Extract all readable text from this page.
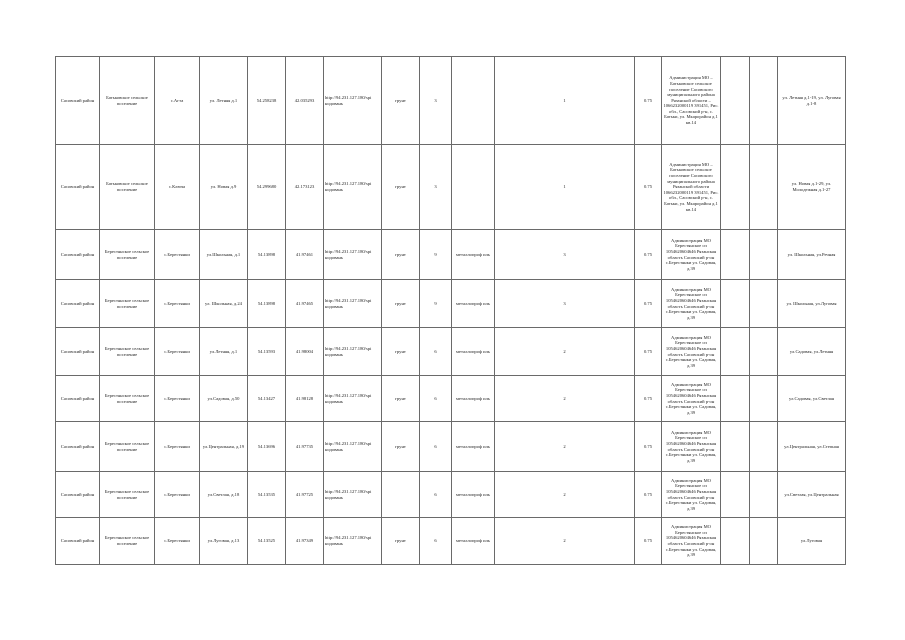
Сасовский район	Батьковское сельское поселение	с.Агта	ул. Летняя д.1	54.258238	42.035293	http://94.231.127.180/spi нодовань	грунт	3		1	0.75	Администрация МО – Батьковское сельское поселение Сасовского муниципального района Рязанской области – 1066232000119 391451, Рис. обл., Сасовский р-н, с. Батьки, ул. Мкарорайон д.1 кв.14			ул. Летняя д.1-19, ул. Луговая д.1-8
Сасовский район	Батьковское сельское поселение	с.Ключа	ул. Новая д.9	54.299680	42.173123	http://94.231.127.180/spi нодовань	грунт	3		1	0.75	Администрация МО – Батьковское сельское поселение Сасовского муниципального района Рязанской области 1066232000119 391451, Рис. обл., Сасовский р-н, с. Батьки, ул. Мкарорайон д.1 кв.14			ул. Новая д.1-29, ул. Молодежная д.1-27
Сасовский район	Берестянское сельское поселение	с.Берестянки	ул.Школьная, д.1	54.13898	41.97461	http://94.231.127.180/spi нодовань	грунт	9	металлопроф иль	3	0.75	Администрация МО Берестянское сп 1054620604646 Рязанская область Сасовский р-он с.Берестянки ул. Садовая, д.39			ул. Школьная, ул.Речная
Сасовский район	Берестянское сельское поселение	с.Берестянки	ул. Школьная, д.24	54.13898	41.97465	http://94.231.127.180/spi нодовань	грунт	9	металлопроф иль	3	0.75	Администрация МО Берестянское сп 1054620604646 Рязанская область Сасовский р-он с.Берестянки ул. Садовая, д.39			ул. Школьная, ул.Луговая
Сасовский район	Берестянское сельское поселение	с.Берестянки	ул.Летняя, д.1	54.13593	41.98004	http://94.231.127.180/spi нодовань	грунт	6	металлопроф иль	2	0.75	Администрация МО Берестянское сп 1054620604646 Рязанская область Сасовский р-он с.Берестянки ул. Садовая, д.39			ул.Садовая, ул.Летняя
Сасовский район	Берестянское сельское поселение	с.Берестянки	ул.Садовая, д.50	54.13427	41.98128	http://94.231.127.180/spi нодовань	грунт	6	металлопроф иль	2	0.75	Администрация МО Берестянское сп 1054620604646 Рязанская область Сасовский р-он с.Берестянки ул. Садовая, д.39			ул.Садовая, ул.Светлая
Сасовский район	Берестянское сельское поселение	с.Берестянки	ул.Центральная, д.19	54.13696	41.97735	http://94.231.127.180/spi нодовань	грунт	6	металлопроф иль	2	0.75	Администрация МО Берестянское сп 1054620604646 Рязанская область Сасовский р-он с.Берестянки ул. Садовая, д.39			ул.Центральная, ул.Степная
Сасовский район	Берестянское сельское поселение	с.Берестянки	ул.Светлая, д.18	54.13535	41.97725	http://94.231.127.180/spi нодовань		6	металлопроф иль	2	0.75	Администрация МО Берестянское сп 1054620604646 Рязанская область Сасовский р-он с.Берестянки ул. Садовая, д.39			ул.Светлая, ул.Центральная
Сасовский район	Берестянское сельское поселение	с.Берестянки	ул.Луговая, д.13	54.13525	41.97349	http://94.231.127.180/spi нодовань	грунт	6	металлопроф иль	2	0.75	Администрация МО Берестянское сп 1054620604646 Рязанская область Сасовский р-он с.Берестянки ул. Садовая, д.39			ул.Луговая
